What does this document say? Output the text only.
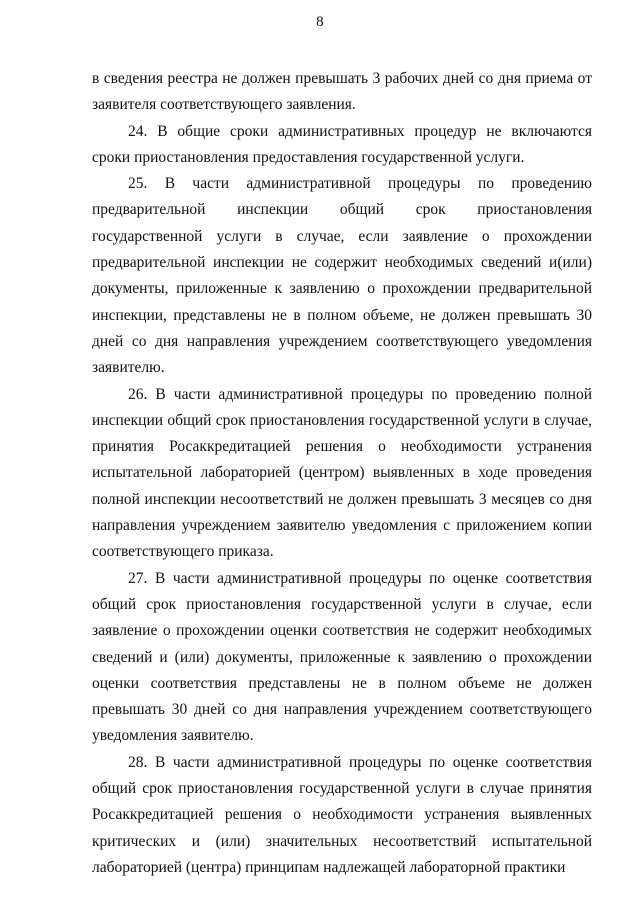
8

в сведения реестра не должен превышать 3 рабочих дней со дня приема от заявителя соответствующего заявления.

24. В общие сроки административных процедур не включаются сроки приостановления предоставления государственной услуги.

25. В части административной процедуры по проведению предварительной инспекции общий срок приостановления государственной услуги в случае, если заявление о прохождении предварительной инспекции не содержит необходимых сведений и(или) документы, приложенные к заявлению о прохождении предварительной инспекции, представлены не в полном объеме, не должен превышать 30 дней со дня направления учреждением соответствующего уведомления заявителю.

26. В части административной процедуры по проведению полной инспекции общий срок приостановления государственной услуги в случае, принятия Росаккредитацией решения о необходимости устранения испытательной лабораторией (центром) выявленных в ходе проведения полной инспекции несоответствий не должен превышать 3 месяцев со дня направления учреждением заявителю уведомления с приложением копии соответствующего приказа.

27. В части административной процедуры по оценке соответствия общий срок приостановления государственной услуги в случае, если заявление о прохождении оценки соответствия не содержит необходимых сведений и (или) документы, приложенные к заявлению о прохождении оценки соответствия представлены не в полном объеме не должен превышать 30 дней со дня направления учреждением соответствующего уведомления заявителю.

28. В части административной процедуры по оценке соответствия общий срок приостановления государственной услуги в случае принятия Росаккредитацией решения о необходимости устранения выявленных критических и (или) значительных несоответствий испытательной лабораторией (центра) принципам надлежащей лабораторной практики
